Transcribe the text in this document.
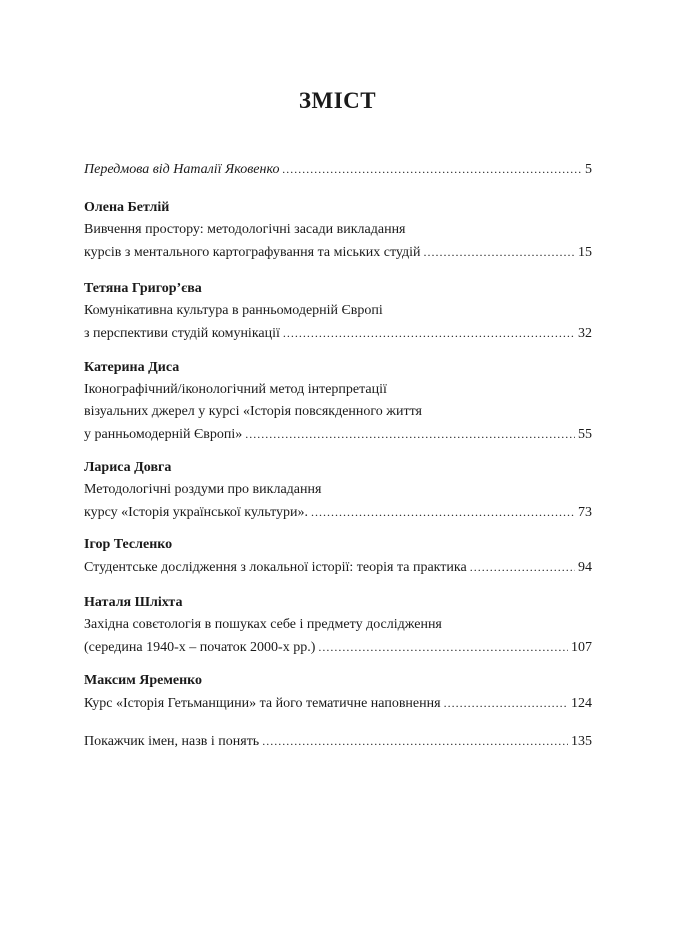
ЗМІСТ
Передмова від Наталії Яковенко .....	5
Олена Бетлій
Вивчення простору: методологічні засади викладання
курсів з ментального картографування та міських студій .....	15
Тетяна Григор’єва
Комунікативна культура в ранньомодерній Європі
з перспективи студій комунікації .....	32
Катерина Диса
Іконографічний/іконологічний метод інтерпретації
візуальних джерел у курсі «Історія повсякденного життя
у ранньомодерній Європі» .....	55
Лариса Довга
Методологічні роздуми про викладання
курсу «Історія української культури». .....	73
Ігор Тесленко
Студентське дослідження з локальної історії: теорія та практика .....	94
Наталя Шліхта
Західна совєтологія в пошуках себе і предмету дослідження
(середина 1940-х – початок 2000-х рр.) .....	107
Максим Яременко
Курс «Історія Гетьманщини» та його тематичне наповнення .....	124
Покажчик імен, назв і понять .....	135
